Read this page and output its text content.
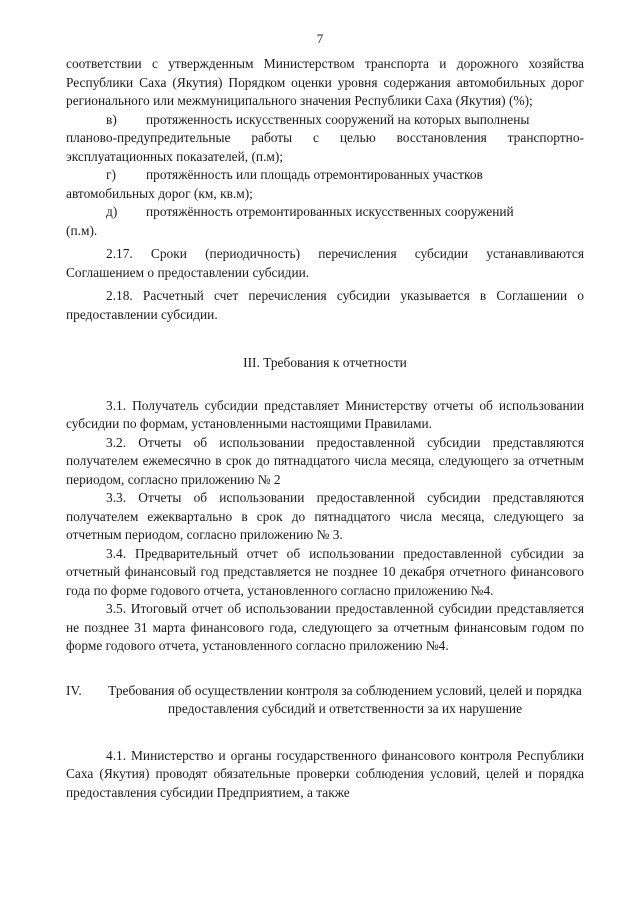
7

соответствии с утвержденным Министерством транспорта и дорожного хозяйства Республики Саха (Якутия) Порядком оценки уровня содержания автомобильных дорог регионального или межмуниципального значения Республики Саха (Якутия) (%);

в)	протяженность искусственных сооружений на которых выполнены

планово-предупредительные работы с целью восстановления транспортно-эксплуатационных показателей, (п.м);

г)	протяжённость или площадь отремонтированных участков

автомобильных дорог (км, кв.м);

д)	протяжённость отремонтированных искусственных сооружений

(п.м).

2.17. Сроки (периодичность) перечисления субсидии устанавливаются Соглашением о предоставлении субсидии.

2.18. Расчетный счет перечисления субсидии указывается в Соглашении о предоставлении субсидии.

III. Требования к отчетности

3.1. Получатель субсидии представляет Министерству отчеты об использовании субсидии по формам, установленными настоящими Правилами.

3.2. Отчеты об использовании предоставленной субсидии представляются получателем ежемесячно в срок до пятнадцатого числа месяца, следующего за отчетным периодом, согласно приложению № 2

3.3. Отчеты об использовании предоставленной субсидии представляются получателем ежеквартально в срок до пятнадцатого числа месяца, следующего за отчетным периодом, согласно приложению № 3.

3.4. Предварительный отчет об использовании предоставленной субсидии за отчетный финансовый год представляется не позднее 10 декабря отчетного финансового года по форме годового отчета, установленного согласно приложению №4.

3.5. Итоговый отчет об использовании предоставленной субсидии представляется не позднее 31 марта финансового года, следующего за отчетным финансовым годом по форме годового отчета, установленного согласно приложению №4.

IV.	Требования об осуществлении контроля за соблюдением условий, целей и порядка предоставления субсидий и ответственности за их нарушение

4.1. Министерство и органы государственного финансового контроля Республики Саха (Якутия) проводят обязательные проверки соблюдения условий, целей и порядка предоставления субсидии Предприятием, а также
